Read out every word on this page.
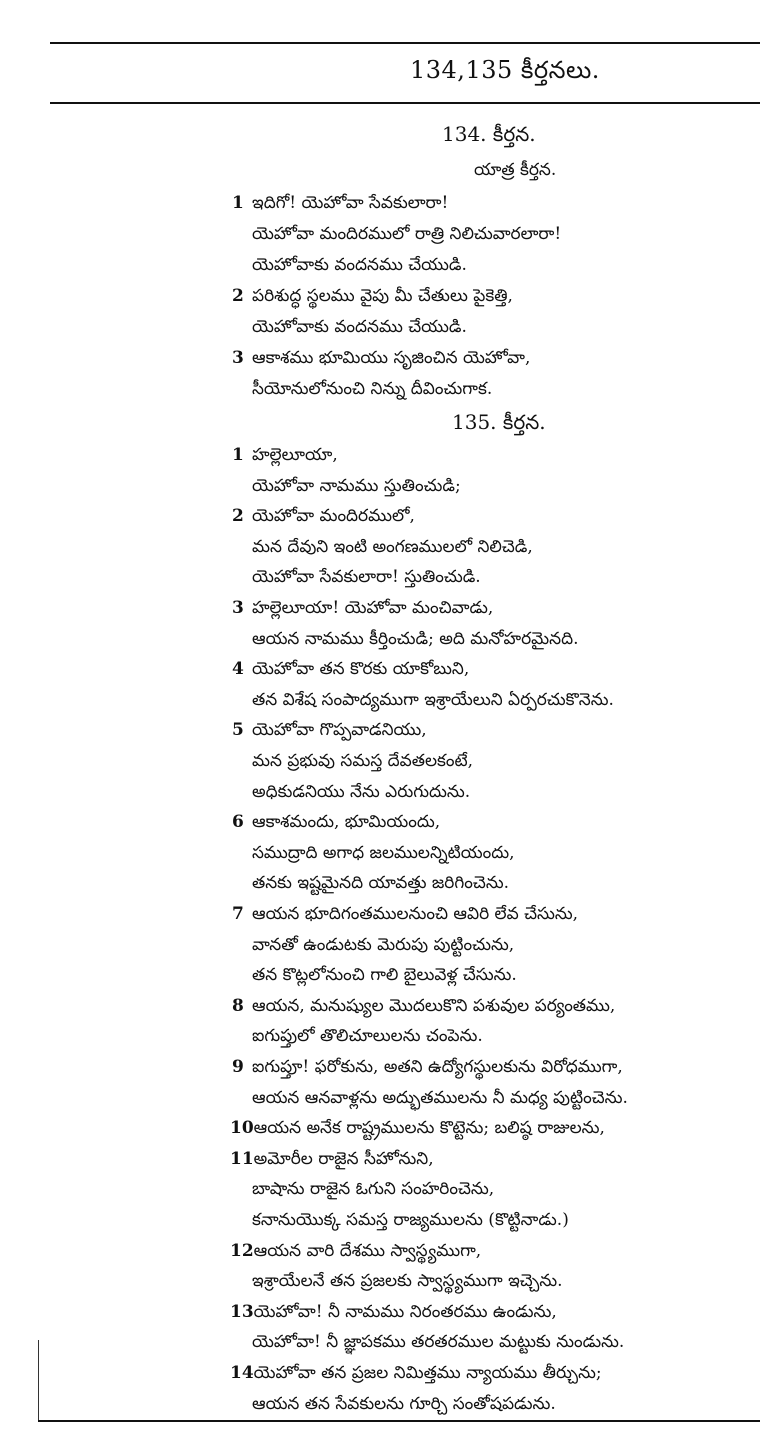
134,135 కీర్తనలు.
134. కీర్తన.
యాత్ర కీర్తన.
1 ఇదిగో! యెహోవా సేవకులారా!
యెహోవా మందిరములో రాత్రి నిలిచువారలారా!
యెహోవాకు వందనము చేయుడి.
2 పరిశుద్ధ స్థలము వైపు మీ చేతులు పైకెత్తి,
యెహోవాకు వందనము చేయుడి.
3 ఆకాశము భూమియు సృజించిన యెహోవా,
సీయోనులోనుంచి నిన్ను దీవించుగాక.
135. కీర్తన.
1 హల్లెలూయా,
యెహోవా నామము స్తుతించుడి;
2 యెహోవా మందిరములో,
మన దేవుని ఇంటి అంగణములలో నిలిచెడి,
యెహోవా సేవకులారా! స్తుతించుడి.
3 హల్లెలూయా! యెహోవా మంచివాడు,
ఆయన నామము కీర్తించుడి; అది మనోహరమైనది.
4 యెహోవా తన కొరకు యాకోబుని,
తన విశేష సంపాద్యముగా ఇశ్రాయేలుని ఏర్పరచుకొనెను.
5 యెహోవా గొప్పవాడనియు,
మన ప్రభువు సమస్త దేవతలకంటే,
అధికుడనియు నేను ఎరుగుదును.
6 ఆకాశమందు, భూమియందు,
సముద్రాది అగాధ జలములన్నిటియందు,
తనకు ఇష్టమైనది యావత్తు జరిగించెను.
7 ఆయన భూదిగంతములనుంచి ఆవిరి లేవ చేసును,
వానతో ఉండుటకు మెరుపు పుట్టించును,
తన కొట్లలోనుంచి గాలి బైలువెళ్ల చేసును.
8 ఆయన, మనుష్యుల మొదలుకొని పశువుల పర్యంతము,
ఐగుప్తులో తొలిచూలులను చంపెను.
9 ఐగుప్తూ! ఫరోకును, అతని ఉద్యోగస్థులకును విరోధముగా,
ఆయన ఆనవాళ్లను అద్భుతములను నీ మధ్య పుట్టించెను.
10ఆయన అనేక రాష్ట్రములను కొట్టెను; బలిష్ఠ రాజులను,
11అమోరీల రాజైన సీహోనుని,
బాషాను రాజైన ఓగుని సంహరించెను,
కనానుయొక్క సమస్త రాజ్యములను (కొట్టినాడు.)
12ఆయన వారి దేశము స్వాస్థ్యముగా,
ఇశ్రాయేలనే తన ప్రజలకు స్వాస్థ్యముగా ఇచ్చెను.
13యెహోవా! నీ నామము నిరంతరము ఉండును,
యెహోవా! నీ జ్ఞాపకము తరతరముల మట్టుకు నుండును.
14యెహోవా తన ప్రజల నిమిత్తము న్యాయము తీర్చును;
ఆయన తన సేవకులను గూర్చి సంతోషపడును.
